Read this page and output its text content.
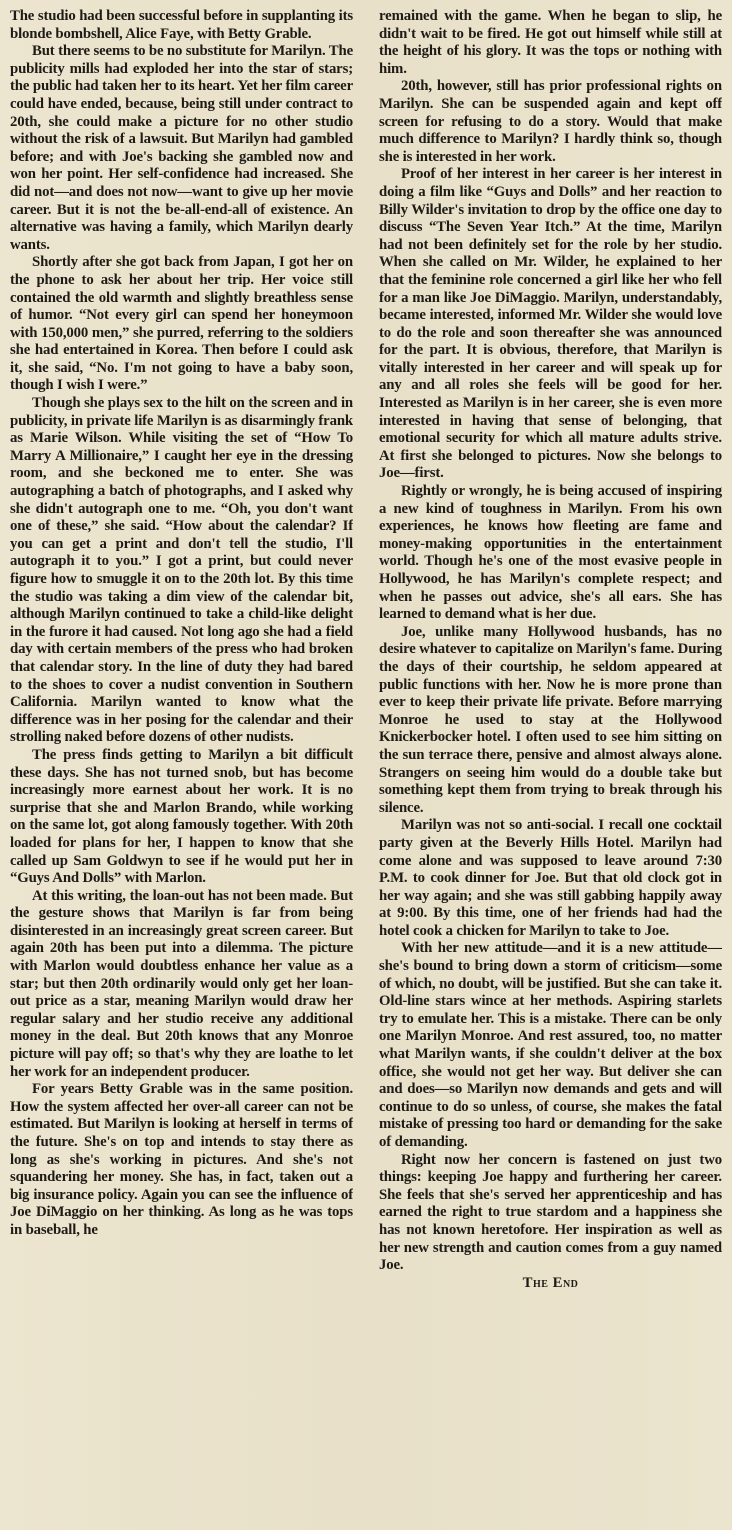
The studio had been successful before in supplanting its blonde bombshell, Alice Faye, with Betty Grable.

But there seems to be no substitute for Marilyn. The publicity mills had exploded her into the star of stars; the public had taken her to its heart. Yet her film career could have ended, because, being still under contract to 20th, she could make a picture for no other studio without the risk of a lawsuit. But Marilyn had gambled before; and with Joe's backing she gambled now and won her point. Her self-confidence had increased. She did not—and does not now—want to give up her movie career. But it is not the be-all-end-all of existence. An alternative was having a family, which Marilyn dearly wants.

Shortly after she got back from Japan, I got her on the phone to ask her about her trip. Her voice still contained the old warmth and slightly breathless sense of humor. “Not every girl can spend her honeymoon with 150,000 men,” she purred, referring to the soldiers she had entertained in Korea. Then before I could ask it, she said, “No. I'm not going to have a baby soon, though I wish I were.”

Though she plays sex to the hilt on the screen and in publicity, in private life Marilyn is as disarmingly frank as Marie Wilson. While visiting the set of “How To Marry A Millionaire,” I caught her eye in the dressing room, and she beckoned me to enter. She was autographing a batch of photographs, and I asked why she didn't autograph one to me. “Oh, you don't want one of these,” she said. “How about the calendar? If you can get a print and don't tell the studio, I'll autograph it to you.” I got a print, but could never figure how to smuggle it on to the 20th lot. By this time the studio was taking a dim view of the calendar bit, although Marilyn continued to take a child-like delight in the furore it had caused. Not long ago she had a field day with certain members of the press who had broken that calendar story. In the line of duty they had bared to the shoes to cover a nudist convention in Southern California. Marilyn wanted to know what the difference was in her posing for the calendar and their strolling naked before dozens of other nudists.

The press finds getting to Marilyn a bit difficult these days. She has not turned snob, but has become increasingly more earnest about her work. It is no surprise that she and Marlon Brando, while working on the same lot, got along famously together. With 20th loaded for plans for her, I happen to know that she called up Sam Goldwyn to see if he would put her in “Guys And Dolls” with Marlon.

At this writing, the loan-out has not been made. But the gesture shows that Marilyn is far from being disinterested in an increasingly great screen career. But again 20th has been put into a dilemma. The picture with Marlon would doubtless enhance her value as a star; but then 20th ordinarily would only get her loan-out price as a star, meaning Marilyn would draw her regular salary and her studio receive any additional money in the deal. But 20th knows that any Monroe picture will pay off; so that's why they are loathe to let her work for an independent producer.

For years Betty Grable was in the same position. How the system affected her over-all career can not be estimated. But Marilyn is looking at herself in terms of the future. She's on top and intends to stay there as long as she's working in pictures. And she's not squandering her money. She has, in fact, taken out a big insurance policy. Again you can see the influence of Joe DiMaggio on her thinking. As long as he was tops in baseball, he

remained with the game. When he began to slip, he didn't wait to be fired. He got out himself while still at the height of his glory. It was the tops or nothing with him.

20th, however, still has prior professional rights on Marilyn. She can be suspended again and kept off screen for refusing to do a story. Would that make much difference to Marilyn? I hardly think so, though she is interested in her work.

Proof of her interest in her career is her interest in doing a film like “Guys and Dolls” and her reaction to Billy Wilder's invitation to drop by the office one day to discuss “The Seven Year Itch.” At the time, Marilyn had not been definitely set for the role by her studio. When she called on Mr. Wilder, he explained to her that the feminine role concerned a girl like her who fell for a man like Joe DiMaggio. Marilyn, understandably, became interested, informed Mr. Wilder she would love to do the role and soon thereafter she was announced for the part. It is obvious, therefore, that Marilyn is vitally interested in her career and will speak up for any and all roles she feels will be good for her. Interested as Marilyn is in her career, she is even more interested in having that sense of belonging, that emotional security for which all mature adults strive. At first she belonged to pictures. Now she belongs to Joe—first.

Rightly or wrongly, he is being accused of inspiring a new kind of toughness in Marilyn. From his own experiences, he knows how fleeting are fame and money-making opportunities in the entertainment world. Though he's one of the most evasive people in Hollywood, he has Marilyn's complete respect; and when he passes out advice, she's all ears. She has learned to demand what is her due.

Joe, unlike many Hollywood husbands, has no desire whatever to capitalize on Marilyn's fame. During the days of their courtship, he seldom appeared at public functions with her. Now he is more prone than ever to keep their private life private. Before marrying Monroe he used to stay at the Hollywood Knickerbocker hotel. I often used to see him sitting on the sun terrace there, pensive and almost always alone. Strangers on seeing him would do a double take but something kept them from trying to break through his silence.

Marilyn was not so anti-social. I recall one cocktail party given at the Beverly Hills Hotel. Marilyn had come alone and was supposed to leave around 7:30 P.M. to cook dinner for Joe. But that old clock got in her way again; and she was still gabbing happily away at 9:00. By this time, one of her friends had had the hotel cook a chicken for Marilyn to take to Joe.

With her new attitude—and it is a new attitude—she's bound to bring down a storm of criticism—some of which, no doubt, will be justified. But she can take it. Old-line stars wince at her methods. Aspiring starlets try to emulate her. This is a mistake. There can be only one Marilyn Monroe. And rest assured, too, no matter what Marilyn wants, if she couldn't deliver at the box office, she would not get her way. But deliver she can and does—so Marilyn now demands and gets and will continue to do so unless, of course, she makes the fatal mistake of pressing too hard or demanding for the sake of demanding.

Right now her concern is fastened on just two things: keeping Joe happy and furthering her career. She feels that she's served her apprenticeship and has earned the right to true stardom and a happiness she has not known heretofore. Her inspiration as well as her new strength and caution comes from a guy named Joe.

The End
